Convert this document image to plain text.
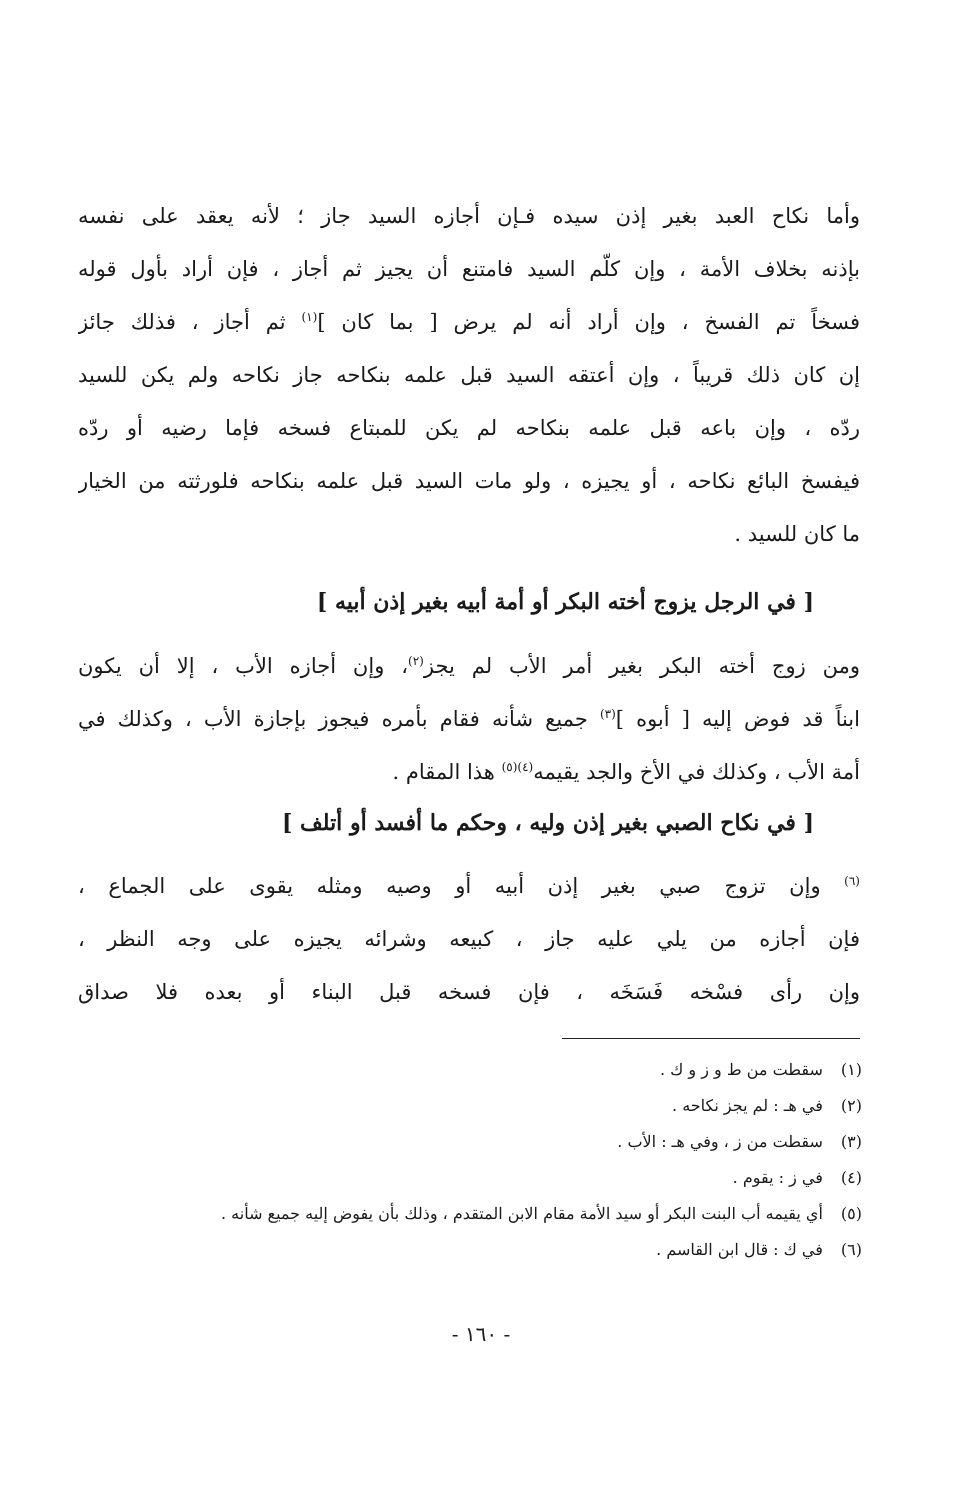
وأما نكاح العبد بغير إذن سيده فـإن أجازه السيد جاز ؛ لأنه يعقد على نفسه
بإذنه بخلاف الأمة ، وإن كلّم السيد فامتنع أن يجيز ثم أجاز ، فإن أراد بأول قوله
فسخاً تم الفسخ ، وإن أراد أنه لم يرض [ بما كان ]$^{(١)}$ ثم أجاز ، فذلك جائز
إن كان ذلك قريباً ، وإن أعتقه السيد قبل علمه بنكاحه جاز نكاحه ولم يكن للسيد
ردّه ، وإن باعه قبل علمه بنكاحه لم يكن للمبتاع فسخه فإما رضيه أو ردّه
فيفسخ البائع نكاحه ، أو يجيزه ، ولو مات السيد قبل علمه بنكاحه فلورثته من الخيار
ما كان للسيد .
[ في الرجل يزوج أخته البكر أو أمة أبيه بغير إذن أبيه ]
ومن زوج أخته البكر بغير أمر الأب لم يجز$^{(٢)}$، وإن أجازه الأب ، إلا أن يكون
ابناً قد فوض إليه [ أبوه ]$^{(٣)}$ جميع شأنه فقام بأمره فيجوز بإجازة الأب ، وكذلك في
أمة الأب ، وكذلك في الأخ والجد يقيمه$^{(٤)(٥)}$ هذا المقام .
[ في نكاح الصبي بغير إذن وليه ، وحكم ما أفسد أو أتلف ]
$^{(٦)}$ وإن تزوج صبي بغير إذن أبيه أو وصيه ومثله يقوى على الجماع ،
فإن أجازه من يلي عليه جاز ، كبيعه وشرائه يجيزه على وجه النظر ،
وإن رأى فسْخه فَسَخَه ، فإن فسخه قبل البناء أو بعده فلا صداق
(١) سقطت من ط و ز و ك .
(٢) في هـ : لم يجز نكاحه .
(٣) سقطت من ز ، وفي هـ : الأب .
(٤) في ز : يقوم .
(٥) أي يقيمه أب البنت البكر أو سيد الأمة مقام الابن المتقدم ، وذلك بأن يفوض إليه جميع شأنه .
(٦) في ك : قال ابن القاسم .
- ١٦٠ -
